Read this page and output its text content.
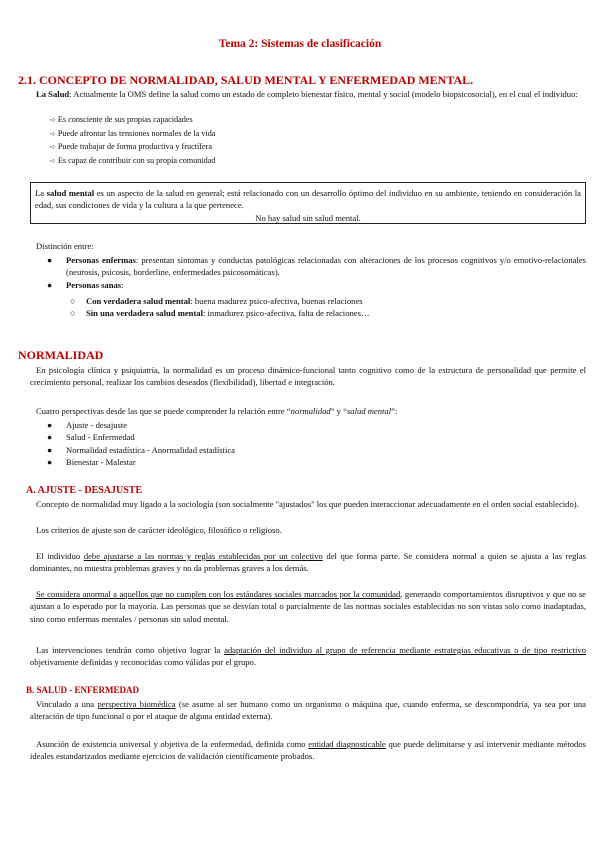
Tema 2: Sistemas de clasificación
2.1. CONCEPTO DE NORMALIDAD, SALUD MENTAL Y ENFERMEDAD MENTAL.
La Salud: Actualmente la OMS define la salud como un estado de completo bienestar físico, mental y social (modelo biopsicosocial), en el cual el individuo:
➪ Es consciente de sus propias capacidades
➪ Puede afrontar las tensiones normales de la vida
➪ Puede trabajar de forma productiva y fructífera
➪ Es capaz de contribuir con su propia comunidad
La salud mental es un aspecto de la salud en general; está relacionado con un desarrollo óptimo del individuo en su ambiente, teniendo en consideración la edad, sus condiciones de vida y la cultura a la que pertenece.
No hay salud sin salud mental.
Distinción entre:
● Personas enfermas: presentan síntomas y conductas patológicas relacionadas con alteraciones de los procesos cognitivos y/o emotivo-relacionales (neurosis, psicosis, borderline, enfermedades psicosomáticas).
● Personas sanas:
○ Con verdadera salud mental: buena madurez psico-afectiva, buenas relaciones
○ Sin una verdadera salud mental: inmadurez psico-afectiva, falta de relaciones…
NORMALIDAD
En psicología clínica y psiquiatría, la normalidad es un proceso dinámico-funcional tanto cognitivo como de la estructura de personalidad que permite el crecimiento personal, realizar los cambios deseados (flexibilidad), libertad e integración.
Cuatro perspectivas desde las que se puede comprender la relación entre “normalidad” y “salud mental”:
● Ajuste - desajuste
● Salud - Enfermedad
● Normalidad estadística - Anormalidad estadística
● Bienestar - Malestar
A. AJUSTE - DESAJUSTE
Concepto de normalidad muy ligado a la sociología (son socialmente "ajustados" los que pueden interaccionar adecuadamente en el orden social establecido).
Los criterios de ajuste son de carácter ideológico, filosófico o religioso.
El individuo debe ajustarse a las normas y reglas establecidas por un colectivo del que forma parte. Se considera normal a quien se ajusta a las reglas dominantes, no muestra problemas graves y no da problemas graves a los demás.
Se considera anormal a aquellos que no cumplen con los estándares sociales marcados por la comunidad, generando comportamientos disruptivos y que no se ajustan a lo esperado por la mayoría. Las personas que se desvían total o parcialmente de las normas sociales establecidas no son vistas solo como inadaptadas, sino como enfermas mentales / personas sin salud mental.
Las intervenciones tendrán como objetivo lograr la adaptación del individuo al grupo de referencia mediante estrategias educativas o de tipo restrictivo objetivamente definidas y reconocidas como válidas por el grupo.
B. SALUD - ENFERMEDAD
Vinculado a una perspectiva biomédica (se asume al ser humano como un organismo o máquina que, cuando enferma, se descompondría, ya sea por una alteración de tipo funcional o por el ataque de alguna entidad externa).
Asunción de existencia universal y objetiva de la enfermedad, definida como entidad diagnosticable que puede delimitarse y así intervenir mediante métodos ideales estandarizados mediante ejercicios de validación científicamente probados.
